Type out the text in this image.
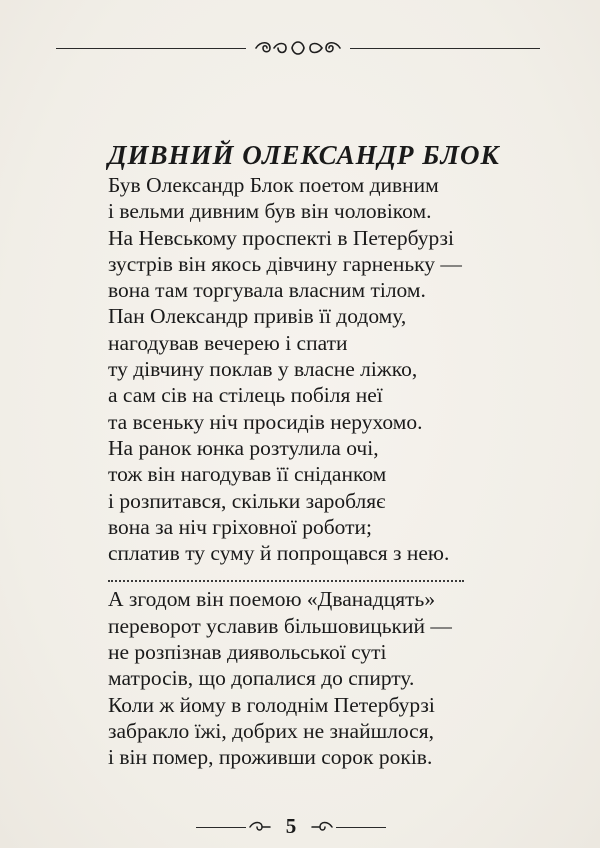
ДИВНИЙ ОЛЕКСАНДР БЛОК
Був Олександр Блок поетом дивним
і вельми дивним був він чоловіком.
На Невському проспекті в Петербурзі
зустрів він якось дівчину гарненьку —
вона там торгувала власним тілом.
Пан Олександр привів її додому,
нагодував вечерею і спати
ту дівчину поклав у власне ліжко,
а сам сів на стілець побіля неї
та всеньку ніч просидів нерухомо.
На ранок юнка розтулила очі,
тож він нагодував її сніданком
і розпитався, скільки заробляє
вона за ніч гріховної роботи;
сплатив ту суму й попрощався з нею.
А згодом він поемою «Дванадцять»
переворот уславив більшовицький —
не розпізнав диявольської суті
матросів, що допалися до спирту.
Коли ж йому в голоднім Петербурзі
забракло їжі, добрих не знайшлося,
і він помер, проживши сорок років.
5
